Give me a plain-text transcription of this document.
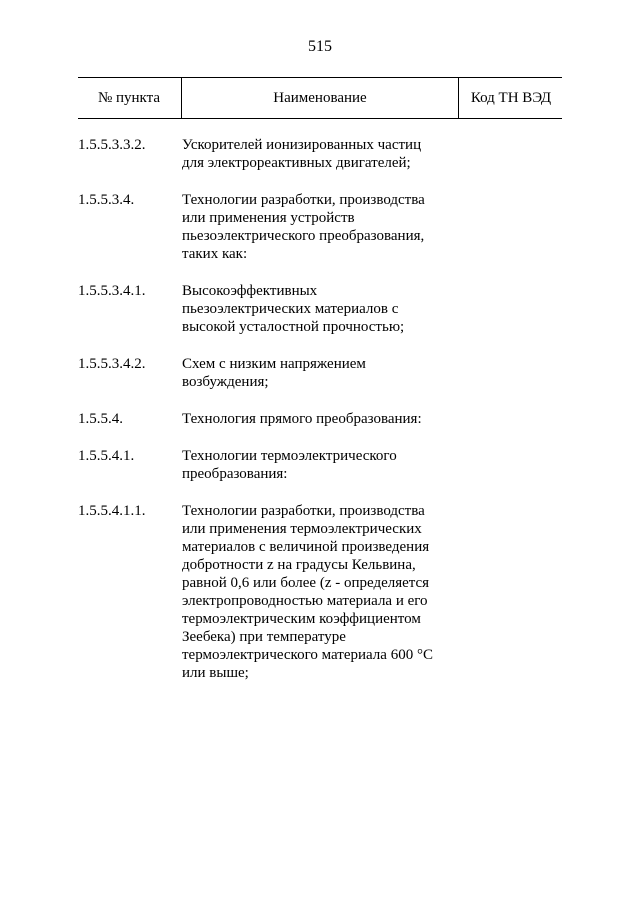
515
№ пункта	Наименование	Код ТН ВЭД
1.5.5.3.3.2.	Ускорителей ионизированных частиц
для электрореактивных двигателей;
1.5.5.3.4.	Технологии разработки, производства
или применения устройств
пьезоэлектрического преобразования,
таких как:
1.5.5.3.4.1.	Высокоэффективных
пьезоэлектрических материалов с
высокой усталостной прочностью;
1.5.5.3.4.2.	Схем с низким напряжением
возбуждения;
1.5.5.4.	Технология прямого преобразования:
1.5.5.4.1.	Технологии термоэлектрического
преобразования:
1.5.5.4.1.1.	Технологии разработки, производства
или применения термоэлектрических
материалов с величиной произведения
добротности z на градусы Кельвина,
равной 0,6 или более (z - определяется
электропроводностью материала и его
термоэлектрическим коэффициентом
Зеебека) при температуре
термоэлектрического материала 600 °С
или выше;
